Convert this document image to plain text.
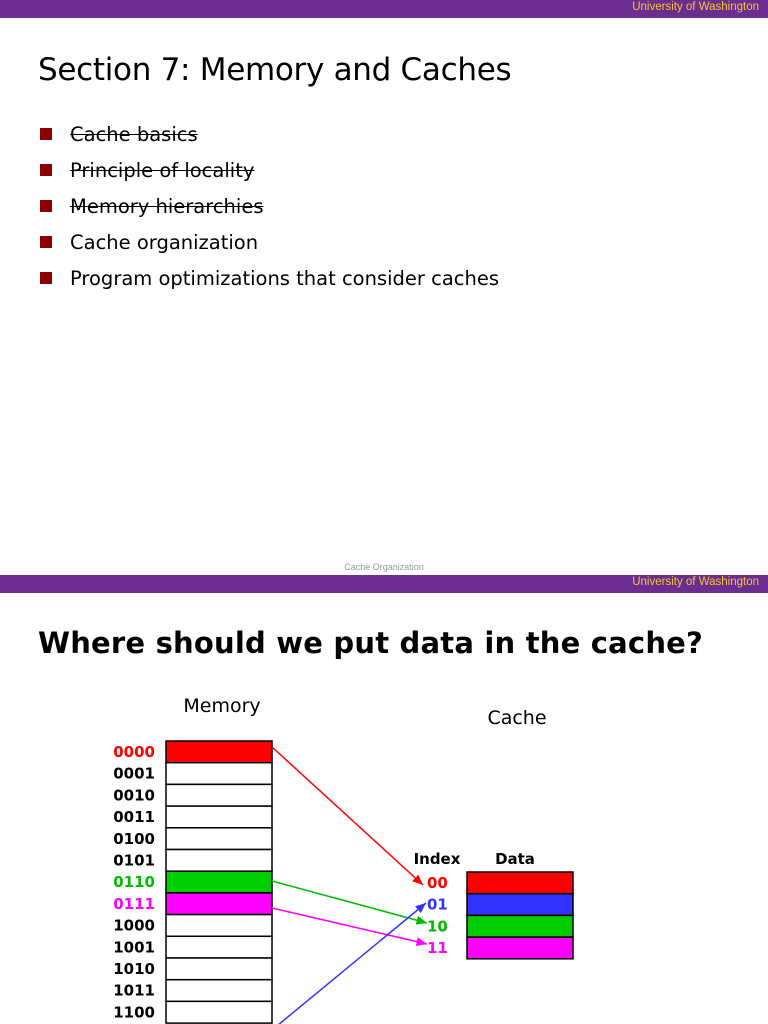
University of Washington
Section 7: Memory and Caches
Cache basics
Principle of locality
Memory hierarchies
Cache organization
Program optimizations that consider caches
Cache Organization
University of Washington
Where should we put data in the cache?
Memory
Cache
Index Data
0000
0001
0010
0011
0100
0101
0110
0111
1000
1001
1010
1011
1100
00
01
10
11
